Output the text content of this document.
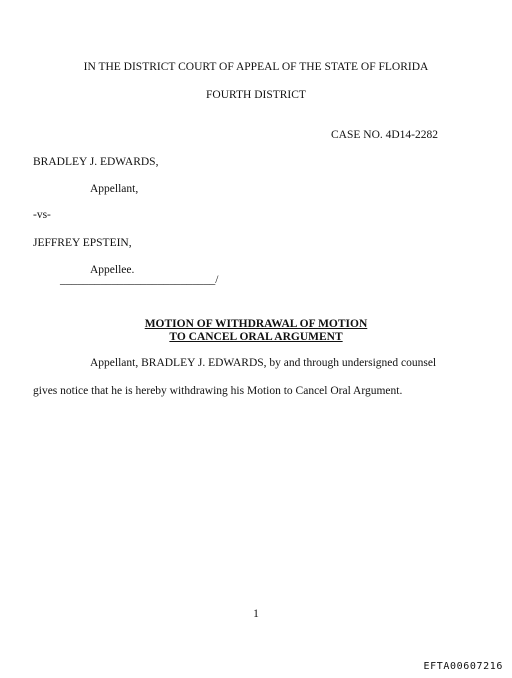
IN THE DISTRICT COURT OF APPEAL OF THE STATE OF FLORIDA
FOURTH DISTRICT
CASE NO. 4D14-2282
BRADLEY J. EDWARDS,
Appellant,
-vs-
JEFFREY EPSTEIN,
Appellee.
___________________________/
MOTION OF WITHDRAWAL OF MOTION
TO CANCEL ORAL ARGUMENT
Appellant, BRADLEY J. EDWARDS, by and through undersigned counsel
gives notice that he is hereby withdrawing his Motion to Cancel Oral Argument.
1
EFTA00607216
